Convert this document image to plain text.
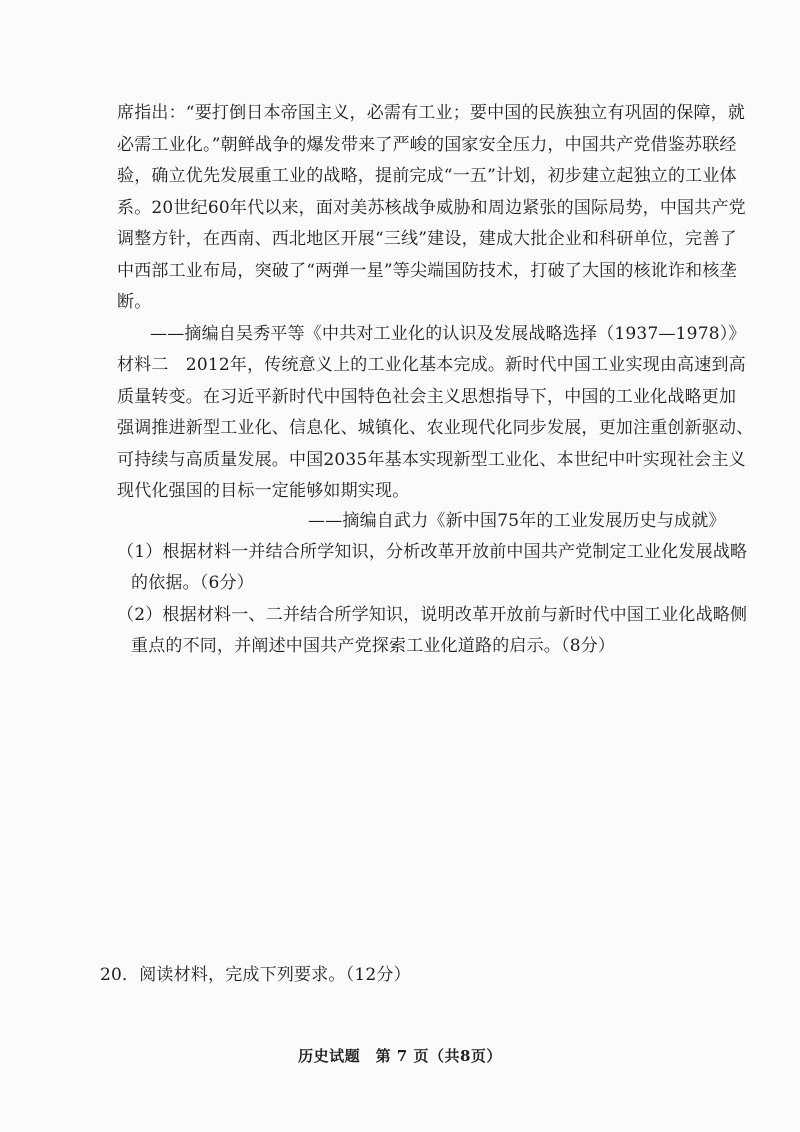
席指出：“要打倒日本帝国主义，必需有工业；要中国的民族独立有巩固的保障，就
必需工业化。”朝鲜战争的爆发带来了严峻的国家安全压力，中国共产党借鉴苏联经
验，确立优先发展重工业的战略，提前完成“一五”计划，初步建立起独立的工业体
系。20世纪60年代以来，面对美苏核战争威胁和周边紧张的国际局势，中国共产党
调整方针，在西南、西北地区开展“三线”建设，建成大批企业和科研单位，完善了
中西部工业布局，突破了“两弹一星”等尖端国防技术，打破了大国的核讹诈和核垄
断。
——摘编自吴秀平等《中共对工业化的认识及发展战略选择（1937—1978）》
材料二　2012年，传统意义上的工业化基本完成。新时代中国工业实现由高速到高
质量转变。在习近平新时代中国特色社会主义思想指导下，中国的工业化战略更加
强调推进新型工业化、信息化、城镇化、农业现代化同步发展，更加注重创新驱动、
可持续与高质量发展。中国2035年基本实现新型工业化、本世纪中叶实现社会主义
现代化强国的目标一定能够如期实现。
——摘编自武力《新中国75年的工业发展历史与成就》
（1）根据材料一并结合所学知识，分析改革开放前中国共产党制定工业化发展战略
的依据。（6分）
（2）根据材料一、二并结合所学知识，说明改革开放前与新时代中国工业化战略侧
重点的不同，并阐述中国共产党探索工业化道路的启示。（8分）
20．阅读材料，完成下列要求。（12分）
历史试题　第 7 页（共8页）
